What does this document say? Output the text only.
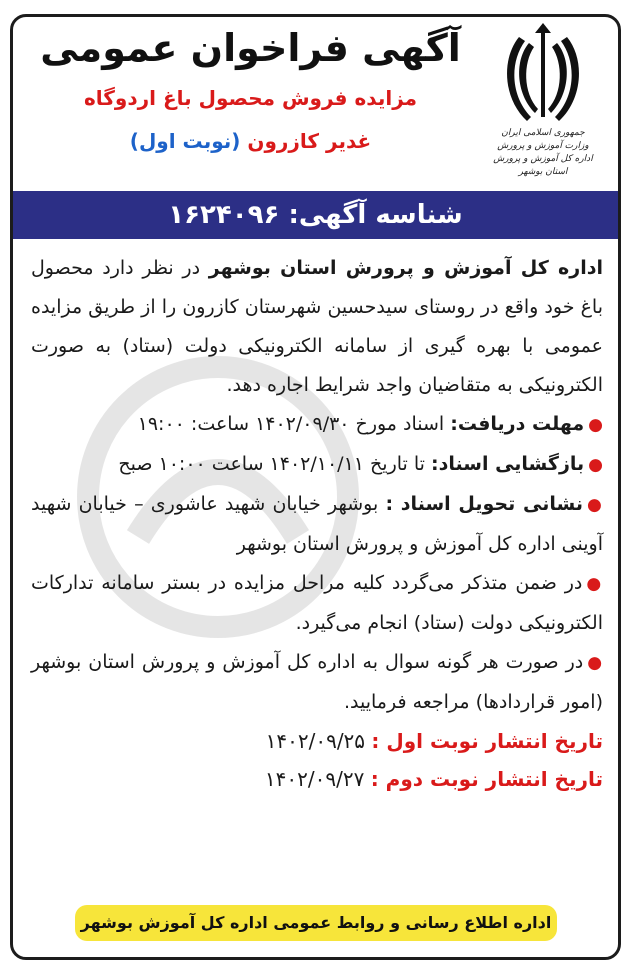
جمهوری اسلامی ایران
وزارت آموزش و پرورش
اداره کل آموزش و پرورش استان بوشهر
آگهی فراخوان عمومی
مزایده فروش محصول باغ اردوگاه
غدیر کازرون (نوبت اول)
شناسه آگهی: ۱۶۲۴۰۹۶

اداره کل آموزش و پرورش استان بوشهر در نظر دارد محصول باغ خود واقع در روستای سیدحسین شهرستان کازرون را از طریق مزایده عمومی با بهره گیری از سامانه الکترونیکی دولت (ستاد) به صورت الکترونیکی به متقاضیان واجد شرایط اجاره دهد.

●مهلت دریافت: اسناد مورخ ۱۴۰۲/۰۹/۳۰ ساعت: ۱۹:۰۰

●بازگشایی اسناد: تا تاریخ ۱۴۰۲/۱۰/۱۱ ساعت ۱۰:۰۰ صبح

●نشانی تحویل اسناد : بوشهر خیابان شهید عاشوری – خیابان شهید آوینی اداره کل آموزش و پرورش استان بوشهر

●در ضمن متذکر می‌گردد کلیه مراحل مزایده در بستر سامانه تدارکات الکترونیکی دولت (ستاد) انجام می‌گیرد.

●در صورت هر گونه سوال به اداره کل آموزش و پرورش استان بوشهر (امور قراردادها) مراجعه فرمایید.

تاریخ انتشار نوبت اول : ۱۴۰۲/۰۹/۲۵

تاریخ انتشار نوبت دوم : ۱۴۰۲/۰۹/۲۷

اداره اطلاع رسانی و روابط عمومی اداره کل آموزش بوشهر
